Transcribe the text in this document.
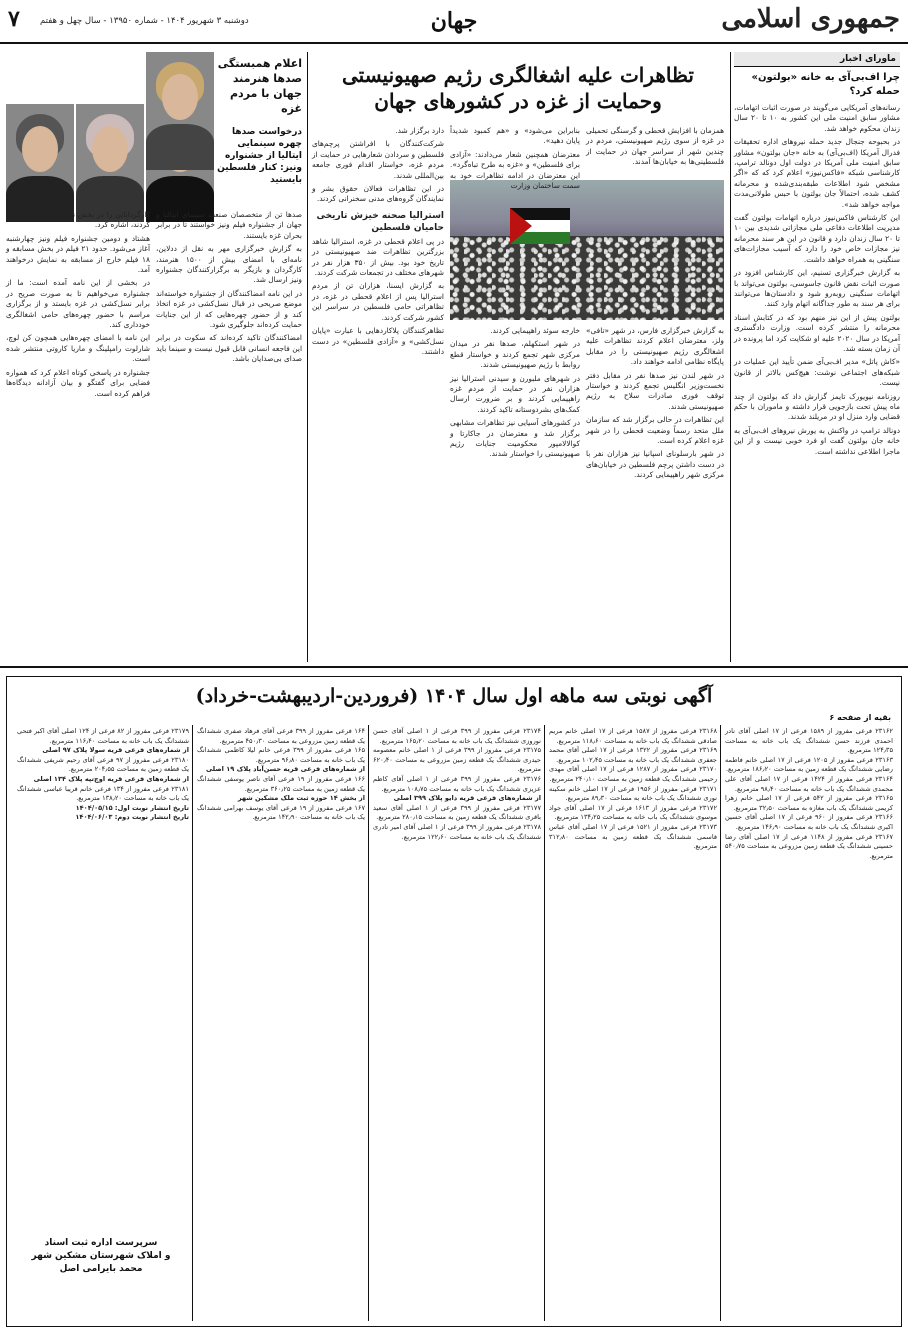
جمهوری اسلامی
جهان
۷ دوشنبه ۳ شهریور ۱۴۰۴ - شماره ۱۳۹۵۰ - سال چهل و هفتم
ماورای اخبار
چرا اف‌بی‌آی به خانه «بولتون» حمله کرد؟

رسانه‌های آمریکایی می‌گویند در صورت اثبات اتهامات، مشاور سابق امنیت ملی این کشور به ۱۰ تا ۲۰ سال زندان محکوم خواهد شد.

در بحبوحه جنجال جدید حمله نیروهای اداره تحقیقات فدرال آمریکا (اف‌بی‌آی) به خانه «جان بولتون» مشاور سابق امنیت ملی آمریکا در دولت اول دونالد ترامپ، کارشناسی شبکه «فاکس‌نیوز» اعلام کرد که که «اگر مشخص شود اطلاعات طبقه‌بندی‌شده و محرمانه کشف شده، احتمالاً جان بولتون با حبس طولانی‌مدت مواجه خواهد شد».

این کارشناس فاکس‌نیوز درباره اتهامات بولتون گفت مدیریت اطلاعات دفاعی ملی مجازاتی شدیدی بین ۱۰ تا ۲۰ سال زندان دارد و قانون در این هر سند محرمانه نیز مجازات خاص خود را دارد که آسیب مجازات‌های سنگینی به همراه خواهد داشت.

به گزارش خبرگزاری تسنیم، این کارشناس افزود در صورت اثبات نقض قانون جاسوسی، بولتون می‌تواند با اتهامات سنگینی روبه‌رو شود و دادستان‌ها می‌توانند برای هر سند به طور جداگانه اتهام وارد کنند.

بولتون پیش از این نیز منهم بود که در کتابش اسناد محرمانه را منتشر کرده است. وزارت دادگستری آمریکا در سال ۲۰۲۰ علیه او شکایت کرد اما پرونده در آن زمان بسته شد.

«کاش پاتل» مدیر اف‌بی‌آی ضمن تأیید این عملیات در شبکه‌های اجتماعی نوشت: هیچ‌کس بالاتر از قانون نیست.

روزنامه نیویورک تایمز گزارش داد که بولتون از چند ماه پیش تحت بازجویی قرار داشته و ماموران با حکم قضایی وارد منزل او در مریلند شدند.

دونالد ترامپ در واکنش به یورش نیروهای اف‌بی‌آی به خانه جان بولتون گفت او فرد خوبی نیست و از این ماجرا اطلاعی نداشته است.

تظاهرات علیه اشغالگری رژیم صهیونیستی
وحمایت از غزه در کشورهای جهان

همزمان با افزایش قحطی و گرسنگی تحمیلی در غزه از سوی رژیم صهیونیستی، مردم در چندین شهر از سراسر جهان در حمایت از فلسطینی‌ها به خیابان‌ها آمدند.

به گزارش خبرگزاری فارس، در شهر «تافی» ولز، معترضان اعلام کردند تظاهرات علیه اشغالگری رژیم صهیونیستی را در مقابل پایگاه نظامی ادامه خواهند داد.

در شهر لندن نیز صدها نفر در مقابل دفتر نخست‌وزیر انگلیس تجمع کردند و خواستار توقف فوری صادرات سلاح به رژیم صهیونیستی شدند.

این تظاهرات در حالی برگزار شد که سازمان ملل متحد رسماً وضعیت قحطی را در شهر غزه اعلام کرده است.

در شهر بارسلونای اسپانیا نیز هزاران نفر با در دست داشتن پرچم فلسطین در خیابان‌های مرکزی شهر راهپیمایی کردند.

بنابراین می‌شود» و «هم کمبود شدیداً پایان دهید».

معترضان همچنین شعار می‌دادند: «آزادی برای فلسطین» و «غزه به طرح تباه‌گرد». این معترضان در ادامه تظاهرات خود به سمت ساختمان وزارت

خارجه سوئد راهپیمایی کردند.

در شهر استکهلم، صدها نفر در میدان مرکزی شهر تجمع کردند و خواستار قطع روابط با رژیم صهیونیستی شدند.

در شهرهای ملبورن و سیدنی استرالیا نیز هزاران نفر در حمایت از مردم غزه راهپیمایی کردند و بر ضرورت ارسال کمک‌های بشردوستانه تاکید کردند.

در کشورهای آسیایی نیز تظاهرات مشابهی برگزار شد و معترضان در جاکارتا و کوالالامپور محکومیت جنایات رژیم صهیونیستی را خواستار شدند.

دارد برگزار شد.

شرکت‌کنندگان با افراشتن پرچم‌های فلسطین و سردادن شعارهایی در حمایت از مردم غزه، خواستار اقدام فوری جامعه بین‌المللی شدند.

در این تظاهرات فعالان حقوق بشر و نمایندگان گروه‌های مدنی سخنرانی کردند.

استرالیا صحنه خیزش تاریخی حامیان فلسطین

در پی اعلام قحطی در غزه، استرالیا شاهد بزرگترین تظاهرات ضد صهیونیستی در تاریخ خود بود. بیش از ۳۵۰ هزار نفر در شهرهای مختلف در تجمعات شرکت کردند.

به گزارش ایسنا، هزاران تن از مردم استرالیا پس از اعلام قحطی در غزه، در تظاهراتی حامی فلسطین در سراسر این کشور شرکت کردند.

تظاهرکنندگان پلاکاردهایی با عبارت «پایان نسل‌کشی» و «آزادی فلسطین» در دست داشتند.

اعلام همبستگی صدها هنرمند جهان با مردم غزه
درخواست صدها چهره سینمایی ایتالیا از جشنواره ونیز: کنار فلسطین بایستید

صدها تن از متخصصان صنعت سینمای ایتالیا و جهان از جشنواره فیلم ونیز خواستند تا در برابر بحران غزه بایستند.

به گزارش خبرگزاری مهر به نقل از ددلاین، نامه‌ای با امضای بیش از ۱۵۰۰ هنرمند، کارگردان و بازیگر به برگزارکنندگان جشنواره ونیز ارسال شد.

در این نامه امضاکنندگان از جشنواره خواسته‌اند موضع صریحی در قبال نسل‌کشی در غزه اتخاذ کند و از حضور چهره‌هایی که از این جنایات حمایت کرده‌اند جلوگیری شود.

امضاکنندگان تاکید کرده‌اند که سکوت در برابر این فاجعه انسانی قابل قبول نیست و سینما باید صدای بی‌صدایان باشد.

کارگردانانی را در بخش نوس نگاه کنن دریافت کردند، اشاره کرد.

هشتاد و دومین جشنواره فیلم ونیز چهارشنبه آغاز می‌شود. حدود ۲۱ فیلم در بخش مسابقه و ۱۸ فیلم خارج از مسابقه به نمایش درخواهند آمد.

در بخشی از این نامه آمده است: ما از جشنواره می‌خواهیم تا به صورت صریح در برابر نسل‌کشی در غزه بایستد و از برگزاری مراسم با حضور چهره‌های حامی اشغالگری خودداری کند.

این نامه با امضای چهره‌هایی همچون کن لوچ، شارلوت رامپلینگ و ماریا کاروتی منتشر شده است.

جشنواره در پاسخی کوتاه اعلام کرد که همواره فضایی برای گفتگو و بیان آزادانه دیدگاه‌ها فراهم کرده است.

آگهی نوبتی سه ماهه اول سال ۱۴۰۴ (فروردین-اردیبهشت-خرداد)
بقیه از صفحه ۶

۲۳۱۶۲ فرعی مفروز از ۱۵۸۹ فرعی از ۱۷ اصلی آقای نادر احمدی فرزند حسن ششدانگ یک باب خانه به مساحت ۱۲۴٫۳۵ مترمربع.

۲۳۱۶۳ فرعی مفروز از ۱۲۰۵ فرعی از ۱۷ اصلی خانم فاطمه رضایی ششدانگ یک قطعه زمین به مساحت ۱۸۶٫۲۰ مترمربع.

۲۳۱۶۴ فرعی مفروز از ۱۴۲۴ فرعی از ۱۷ اصلی آقای علی محمدی ششدانگ یک باب خانه به مساحت ۹۸٫۴۰ مترمربع.

۲۳۱۶۵ فرعی مفروز از ۵۴۲ فرعی از ۱۷ اصلی خانم زهرا کریمی ششدانگ یک باب مغازه به مساحت ۳۲٫۵۰ مترمربع.

۲۳۱۶۶ فرعی مفروز از ۹۶۰ فرعی از ۱۷ اصلی آقای حسین اکبری ششدانگ یک باب خانه به مساحت ۱۴۶٫۹۰ مترمربع.

۲۳۱۶۷ فرعی مفروز از ۱۱۴۸ فرعی از ۱۷ اصلی آقای رضا حسینی ششدانگ یک قطعه زمین مزروعی به مساحت ۵۴۰٫۷۵ مترمربع.

۲۳۱۶۸ فرعی مفروز از ۱۵۸۷ فرعی از ۱۷ اصلی خانم مریم صادقی ششدانگ یک باب خانه به مساحت ۱۱۸٫۶۰ مترمربع.

۲۳۱۶۹ فرعی مفروز از ۱۳۲۲ فرعی از ۱۷ اصلی آقای محمد جعفری ششدانگ یک باب خانه به مساحت ۱۰۲٫۴۵ مترمربع.

۲۳۱۷۰ فرعی مفروز از ۱۲۸۷ فرعی از ۱۷ اصلی آقای مهدی رحیمی ششدانگ یک قطعه زمین به مساحت ۲۴۰٫۱۰ مترمربع.

۲۳۱۷۱ فرعی مفروز از ۱۹۵۶ فرعی از ۱۷ اصلی خانم سکینه نوری ششدانگ یک باب خانه به مساحت ۸۹٫۳۰ مترمربع.

۲۳۱۷۲ فرعی مفروز از ۱۶۱۳ فرعی از ۱۷ اصلی آقای جواد موسوی ششدانگ یک باب خانه به مساحت ۱۳۴٫۲۵ مترمربع.

۲۳۱۷۳ فرعی مفروز از ۱۵۲۱ فرعی از ۱۷ اصلی آقای عباس قاسمی ششدانگ یک قطعه زمین به مساحت ۳۱۲٫۸۰ مترمربع.

۲۳۱۷۴ فرعی مفروز از ۳۹۹ فرعی از ۱ اصلی آقای حسن نوروزی ششدانگ یک باب خانه به مساحت ۱۶۵٫۲۰ مترمربع.

۲۳۱۷۵ فرعی مفروز از ۳۹۹ فرعی از ۱ اصلی خانم معصومه حیدری ششدانگ یک قطعه زمین مزروعی به مساحت ۶۲۰٫۴۰ مترمربع.

۲۳۱۷۶ فرعی مفروز از ۳۹۹ فرعی از ۱ اصلی آقای کاظم عزیزی ششدانگ یک باب خانه به مساحت ۱۰۸٫۷۵ مترمربع.

از شماره‌های فرعی قریه دایو پلاک ۳۹۹ اصلی

۲۳۱۷۷ فرعی مفروز از ۳۹۹ فرعی از ۱ اصلی آقای سعید باقری ششدانگ یک قطعه زمین به مساحت ۲۸۰٫۱۵ مترمربع.

۲۳۱۷۸ فرعی مفروز از ۳۹۹ فرعی از ۱ اصلی آقای امیر نادری ششدانگ یک باب خانه به مساحت ۱۲۲٫۶۰ مترمربع.

۱۶۴ فرعی مفروز از ۳۹۹ فرعی آقای فرهاد صفری ششدانگ یک قطعه زمین مزروعی به مساحت ۴۵۰٫۳۰ مترمربع.

۱۶۵ فرعی مفروز از ۳۹۹ فرعی خانم لیلا کاظمی ششدانگ یک باب خانه به مساحت ۹۶٫۸۰ مترمربع.

از شماره‌های فرعی قریه حسن‌آباد پلاک ۱۹ اصلی

۱۶۶ فرعی مفروز از ۱۹ فرعی آقای ناصر یوسفی ششدانگ یک قطعه زمین به مساحت ۳۶۰٫۲۵ مترمربع.

از بخش ۱۴ حوزه ثبت ملک مشکین شهر

۱۶۷ فرعی مفروز از ۱۹ فرعی آقای یوسف بهرامی ششدانگ یک باب خانه به مساحت ۱۴۲٫۹۰ مترمربع.

۲۳۱۷۹ فرعی مفروز از ۸۲ فرعی از ۱۲۴ اصلی آقای اکبر فتحی ششدانگ یک باب خانه به مساحت ۱۱۶٫۴۰ مترمربع.

از شماره‌های فرعی قریه سولا پلاک ۹۷ اصلی

۲۳۱۸۰ فرعی مفروز از ۹۷ فرعی آقای رحیم شریفی ششدانگ یک قطعه زمین به مساحت ۲۰۴٫۵۵ مترمربع.

از شماره‌های فرعی قریه اوچ‌تپه پلاک ۱۳۴ اصلی

۲۳۱۸۱ فرعی مفروز از ۱۳۴ فرعی خانم فریبا عباسی ششدانگ یک باب خانه به مساحت ۱۳۸٫۲۰ مترمربع.

تاریخ انتشار نوبت اول: ۱۴۰۴/۰۵/۱۵

تاریخ انتشار نوبت دوم: ۱۴۰۴/۰۶/۰۳

سرپرست اداره ثبت اسناد
و املاک شهرستان مشکین شهر
محمد بایرامی اصل
